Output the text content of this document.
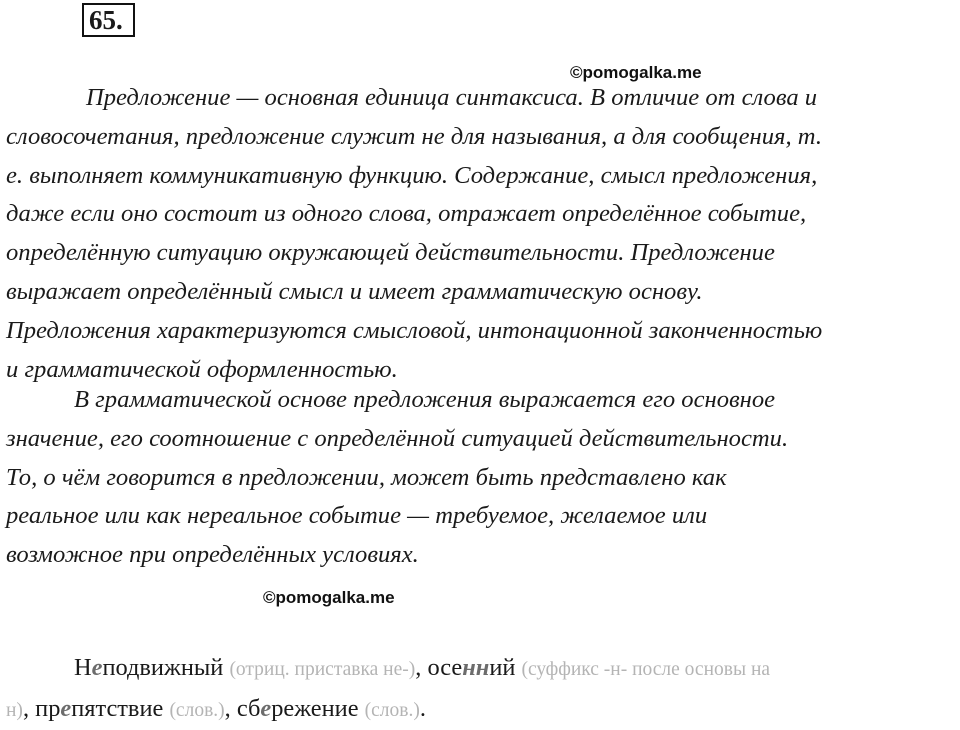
65.
©pomogalka.me
Предложение — основная единица синтаксиса. В отличие от слова и
словосочетания, предложение служит не для называния, а для сообщения, т.
е. выполняет коммуникативную функцию. Содержание, смысл предложения,
даже если оно состоит из одного слова, отражает определённое событие,
определённую ситуацию окружающей действительности. Предложение
выражает определённый смысл и имеет грамматическую основу.
Предложения характеризуются смысловой, интонационной законченностью
и грамматической оформленностью.
В грамматической основе предложения выражается его основное
значение, его соотношение с определённой ситуацией действительности.
То, о чём говорится в предложении, может быть представлено как
реальное или как нереальное событие — требуемое, желаемое или
возможное при определённых условиях.
©pomogalka.me
Неподвижный (отриц. приставка не-), осенний (суффикс -н- после основы на
н), препятствие (слов.), сбережение (слов.).
